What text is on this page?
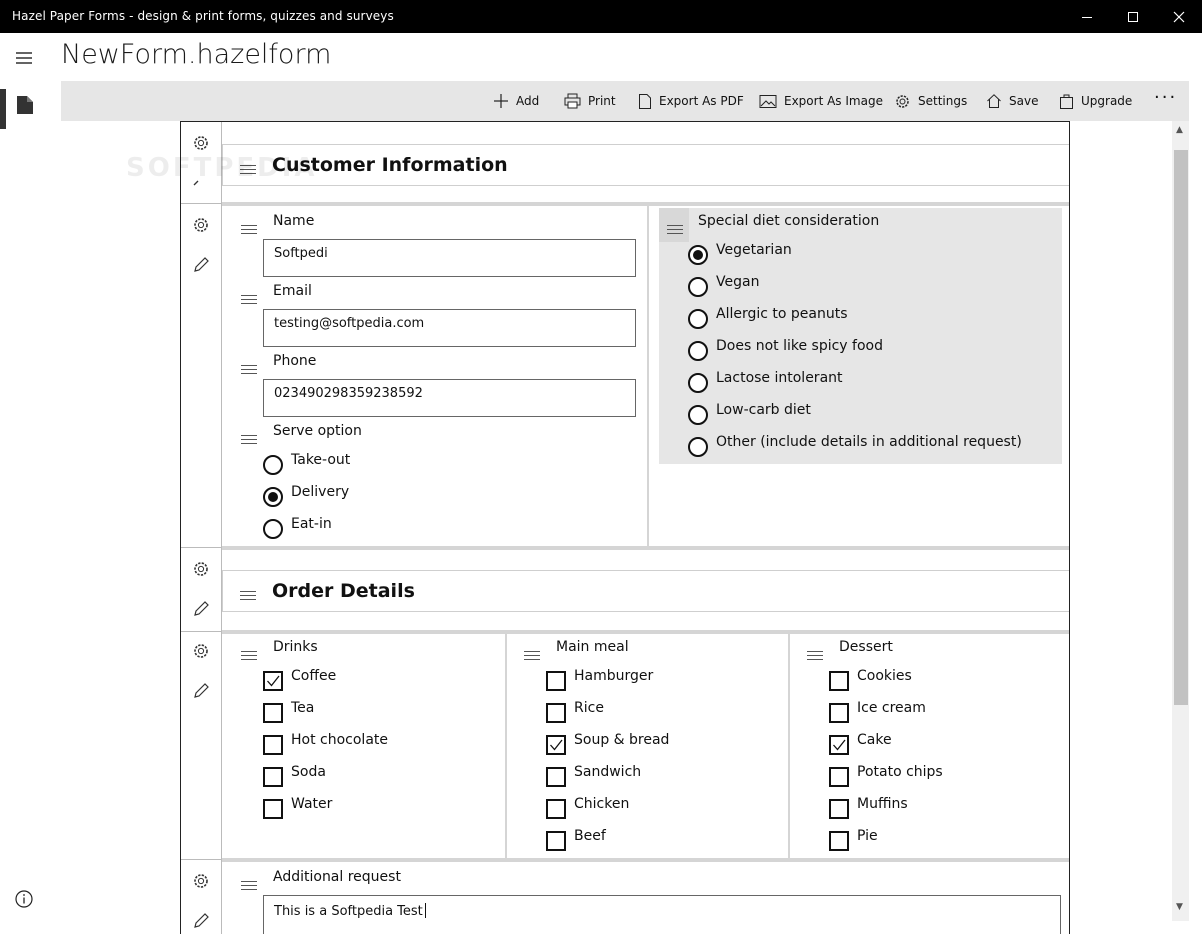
Hazel Paper Forms - design & print forms, quizzes and surveys
NewForm.hazelform
Add	Print	Export As PDF	Export As Image	Settings	Save	Upgrade ···
Customer Information
Name
Softpedi
Email
testing@softpedia.com
Phone
023490298359238592
Serve option
Take-out
Delivery
Eat-in
Special diet consideration
Vegetarian
Vegan
Allergic to peanuts
Does not like spicy food
Lactose intolerant
Low-carb diet
Other (include details in additional request)
Order Details
Drinks
Coffee
Tea
Hot chocolate
Soda
Water
Main meal
Hamburger
Rice
Soup & bread
Sandwich
Chicken
Beef
Dessert
Cookies
Ice cream
Cake
Potato chips
Muffins
Pie
Additional request
This is a Softpedia Test
SOFTPEDIA
▲
▼
